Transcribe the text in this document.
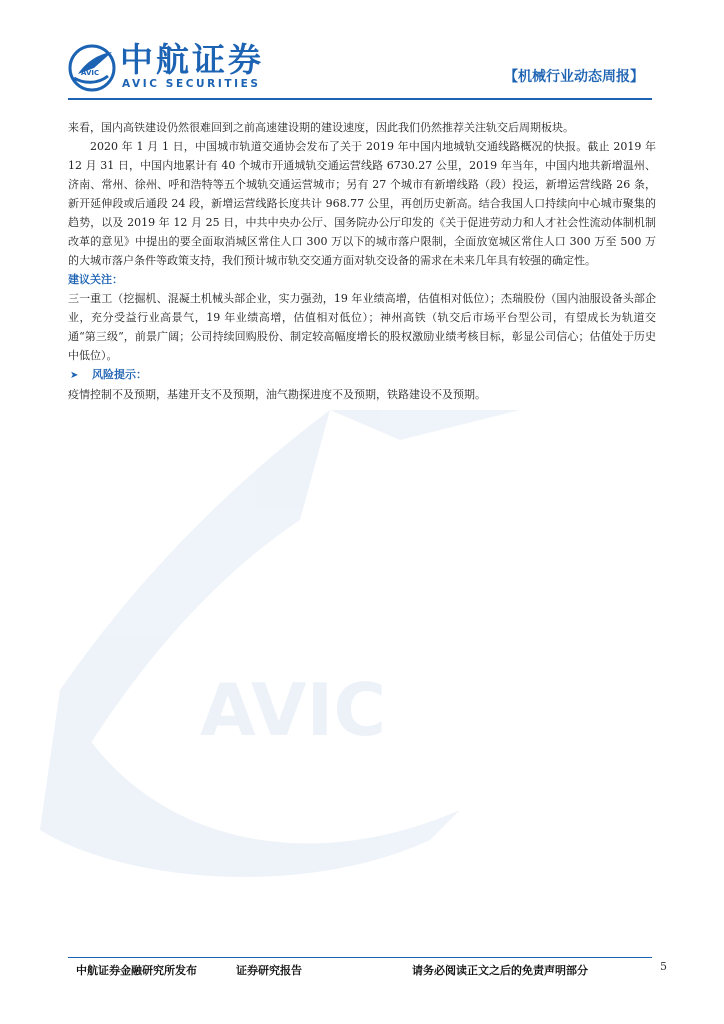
AVIC
AVIC 中航证券
AVIC SECURITIES	【机械行业动态周报】

来看，国内高铁建设仍然很难回到之前高速建设期的建设速度，因此我们仍然推荐关注轨交后周期板块。

2020 年 1 月 1 日，中国城市轨道交通协会发布了关于 2019 年中国内地城轨交通线路概况的快报。截止 2019 年 12 月 31 日，中国内地累计有 40 个城市开通城轨交通运营线路 6730.27 公里，2019 年当年，中国内地共新增温州、济南、常州、徐州、呼和浩特等五个城轨交通运营城市；另有 27 个城市有新增线路（段）投运，新增运营线路 26 条，新开延伸段或后通段 24 段，新增运营线路长度共计 968.77 公里，再创历史新高。结合我国人口持续向中心城市聚集的趋势，以及 2019 年 12 月 25 日，中共中央办公厅、国务院办公厅印发的《关于促进劳动力和人才社会性流动体制机制改革的意见》中提出的要全面取消城区常住人口 300 万以下的城市落户限制，全面放宽城区常住人口 300 万至 500 万的大城市落户条件等政策支持，我们预计城市轨交交通方面对轨交设备的需求在未来几年具有较强的确定性。

建议关注：

三一重工（挖掘机、混凝土机械头部企业，实力强劲，19 年业绩高增，估值相对低位）；杰瑞股份（国内油服设备头部企业，充分受益行业高景气，19 年业绩高增，估值相对低位）；神州高铁（轨交后市场平台型公司，有望成长为轨道交通“第三级”，前景广阔；公司持续回购股份、制定较高幅度增长的股权激励业绩考核目标，彰显公司信心；估值处于历史中低位）。

➤ 风险提示：

疫情控制不及预期，基建开支不及预期，油气勘探进度不及预期，铁路建设不及预期。

中航证券金融研究所发布	证券研究报告	请务必阅读正文之后的免责声明部分	5
